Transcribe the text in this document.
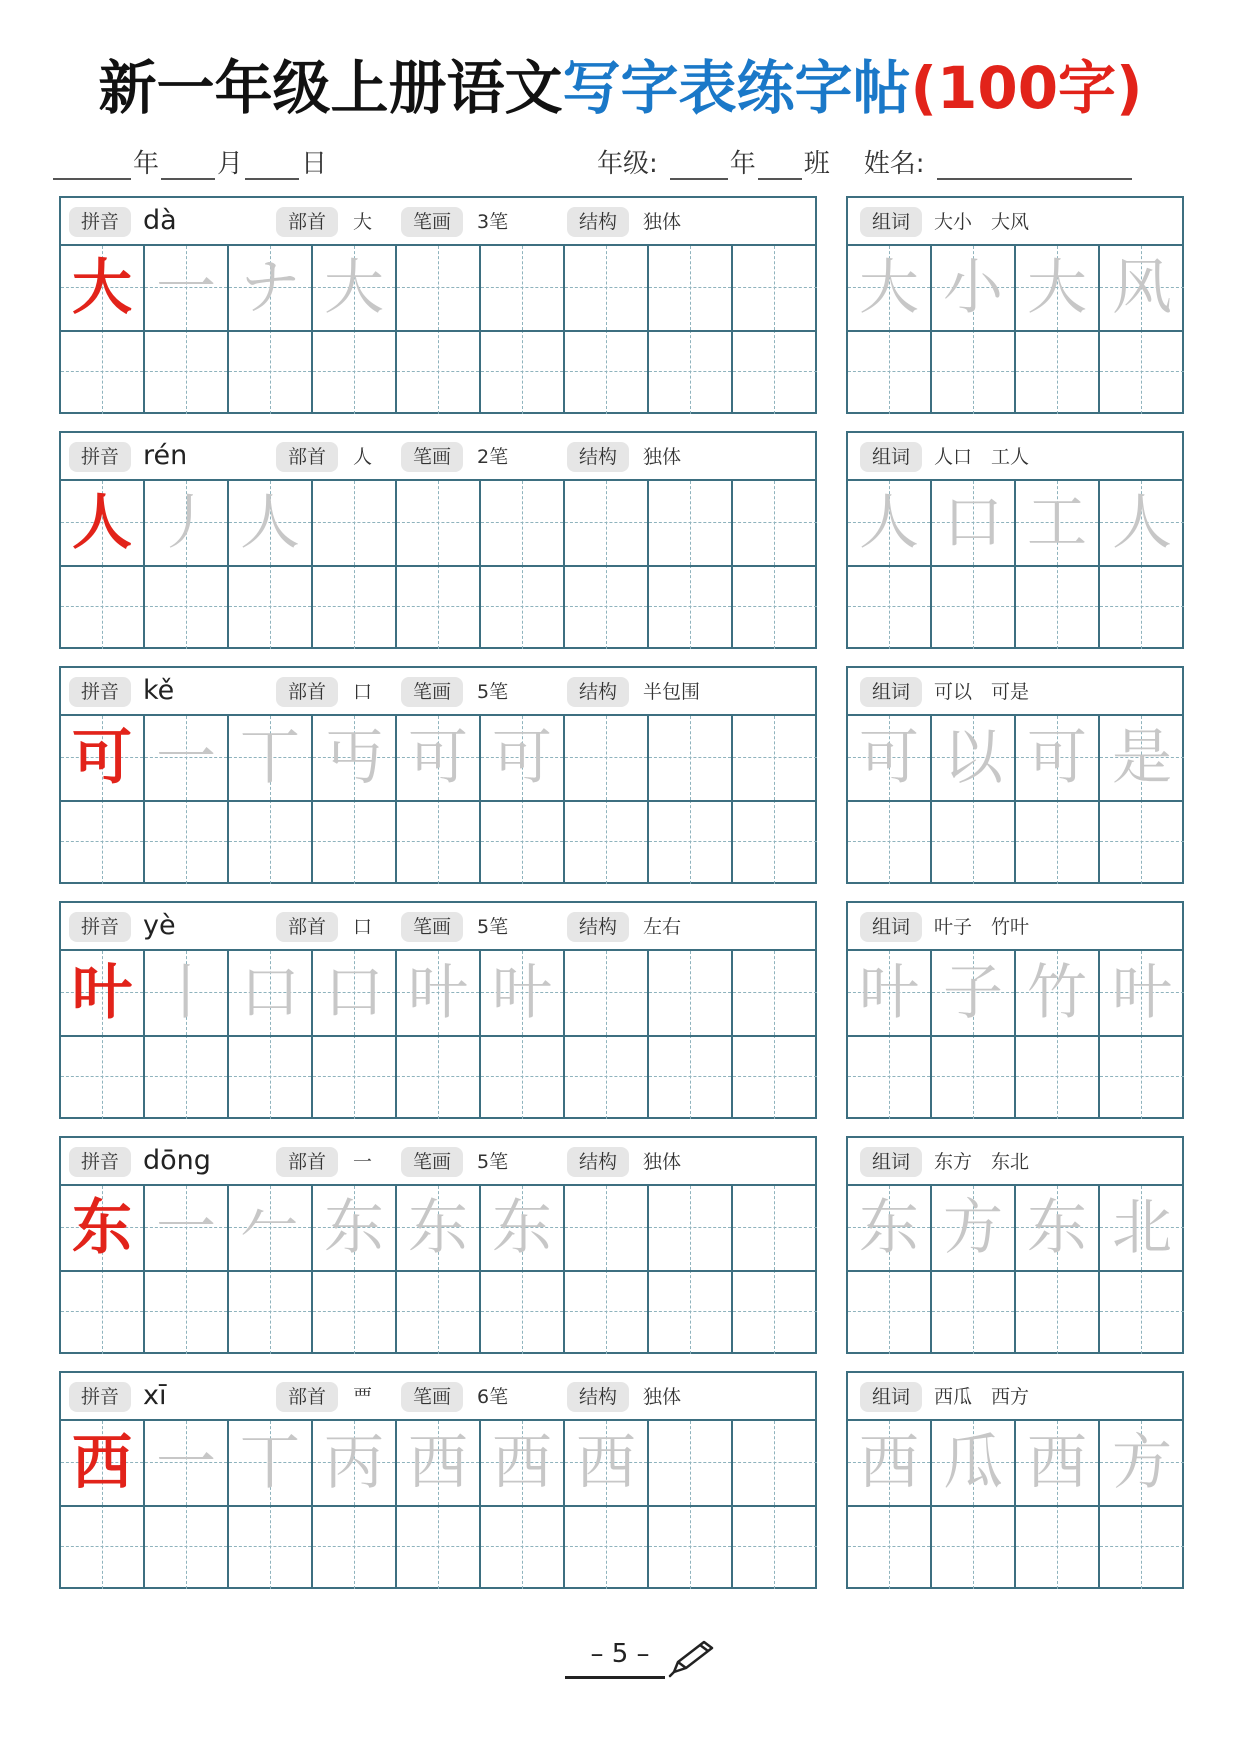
新一年级上册语文写字表练字帖(100字)
年 月 日	年级:	年 班 姓名:
拼音 dà	部首	大	笔画	3笔	结构	独体
大 一 ナ 大
组词	大小　大风
大 小 大 风
拼音 rén	部首	人	笔画	2笔	结构	独体
人 丿 人
组词	人口　工人
人 口 工 人
拼音 kě	部首	口	笔画	5笔	结构	半包围
可 一 丅 丏 可 可
组词	可以　可是
可 以 可 是
拼音 yè	部首	口	笔画	5笔	结构	左右
叶 丨 口 口 叶 叶
组词	叶子　竹叶
叶 子 竹 叶
拼音 dōng	部首	一	笔画	5笔	结构	独体
东 一 𠂉 东 东 东
组词	东方　东北
东 方 东 北
拼音 xī	部首	覀	笔画	6笔	结构	独体
西 一 丅 丙 西 西 西
组词	西瓜　西方
西 瓜 西 方
– 5 –
